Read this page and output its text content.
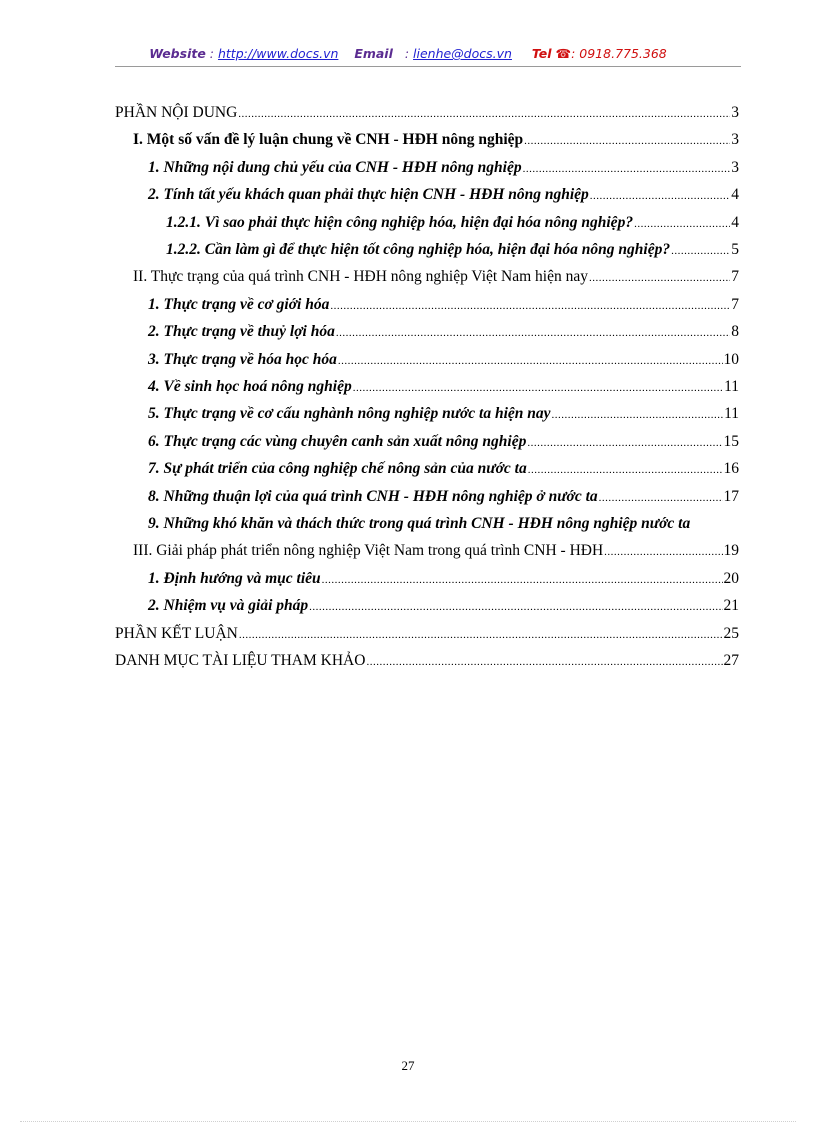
Website : http://www.docs.vn Email   : lienhe@docs.vn Tel ☎: 0918.775.368
PHẦN NỘI DUNG .....	3
I. Một số vấn đề lý luận chung về CNH - HĐH nông nghiệp .....	3
1. Những nội dung chủ yếu của CNH - HĐH nông nghiệp .....	3
2. Tính tất yếu khách quan phải thực hiện CNH - HĐH nông nghiệp .....	4
1.2.1. Vì sao phải thực hiện công nghiệp hóa, hiện đại hóa nông nghiệp? .....	4
1.2.2. Cần làm gì để thực hiện tốt công nghiệp hóa, hiện đại hóa nông nghiệp? .....	5
II. Thực trạng của quá trình CNH - HĐH nông nghiệp Việt Nam hiện nay .....	7
1. Thực trạng về cơ giới hóa .....	7
2. Thực trạng về thuỷ lợi hóa .....	8
3. Thực trạng về hóa học hóa .....	10
4. Về sinh học hoá nông nghiệp .....	11
5. Thực trạng về cơ cấu nghành nông nghiệp nước ta hiện nay .....	11
6. Thực trạng các vùng chuyên canh sản xuất nông nghiệp .....	15
7. Sự phát triển của công nghiệp chế nông sản của nước ta .....	16
8. Những thuận lợi của quá trình CNH - HĐH nông nghiệp ở nước ta .....	17
9. Những khó khăn và thách thức trong quá trình CNH - HĐH nông nghiệp nước ta
III. Giải pháp phát triển nông nghiệp Việt Nam trong quá trình CNH - HĐH .....	19
1. Định hướng và mục tiêu .....	20
2. Nhiệm vụ và giải pháp .....	21
PHẦN KẾT LUẬN .....	25
DANH MỤC TÀI LIỆU THAM KHẢO .....	27
27
